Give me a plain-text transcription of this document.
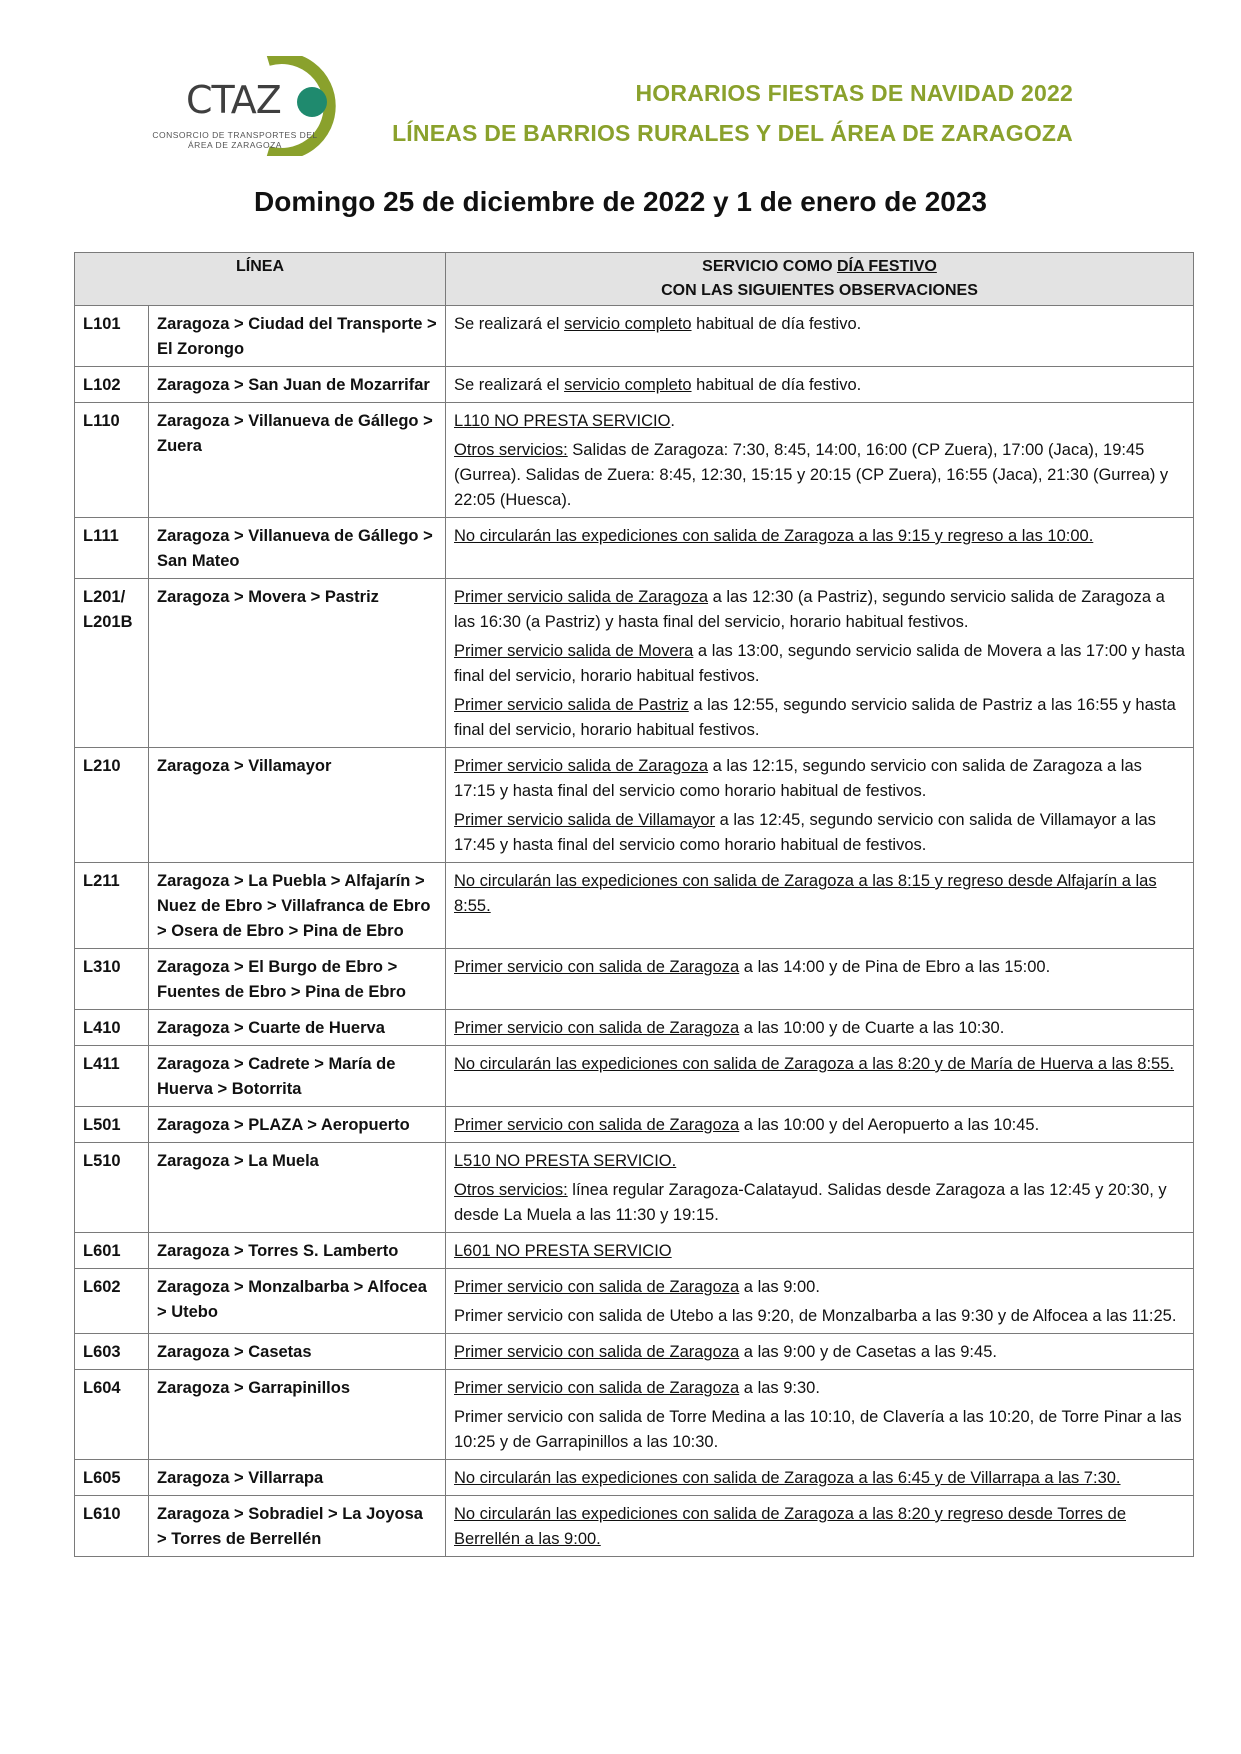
CTAZ
CONSORCIO DE TRANSPORTES DEL ÁREA DE ZARAGOZA
HORARIOS FIESTAS DE NAVIDAD 2022
LÍNEAS DE BARRIOS RURALES Y DEL ÁREA DE ZARAGOZA
Domingo 25 de diciembre de 2022 y 1 de enero de 2023
LÍNEA		SERVICIO COMO DÍA FESTIVO
CON LAS SIGUIENTES OBSERVACIONES
L101	Zaragoza > Ciudad del Transporte > El Zorongo	Se realizará el servicio completo habitual de día festivo.

L102	Zaragoza > San Juan de Mozarrifar	Se realizará el servicio completo habitual de día festivo.

L110	Zaragoza > Villanueva de Gállego > Zuera	L110 NO PRESTA SERVICIO.

Otros servicios: Salidas de Zaragoza: 7:30, 8:45, 14:00, 16:00 (CP Zuera), 17:00 (Jaca), 19:45 (Gurrea). Salidas de Zuera: 8:45, 12:30, 15:15 y 20:15 (CP Zuera), 16:55 (Jaca), 21:30 (Gurrea) y 22:05 (Huesca).

L111	Zaragoza > Villanueva de Gállego > San Mateo	No circularán las expediciones con salida de Zaragoza a las 9:15 y regreso a las 10:00.

L201/ L201B	Zaragoza > Movera > Pastriz	Primer servicio salida de Zaragoza a las 12:30 (a Pastriz), segundo servicio salida de Zaragoza a las 16:30 (a Pastriz) y hasta final del servicio, horario habitual festivos.

Primer servicio salida de Movera a las 13:00, segundo servicio salida de Movera a las 17:00 y hasta final del servicio, horario habitual festivos.

Primer servicio salida de Pastriz a las 12:55, segundo servicio salida de Pastriz a las 16:55 y hasta final del servicio, horario habitual festivos.

L210	Zaragoza > Villamayor	Primer servicio salida de Zaragoza a las 12:15, segundo servicio con salida de Zaragoza a las 17:15 y hasta final del servicio como horario habitual de festivos.

Primer servicio salida de Villamayor a las 12:45, segundo servicio con salida de Villamayor a las 17:45 y hasta final del servicio como horario habitual de festivos.

L211	Zaragoza > La Puebla > Alfajarín > Nuez de Ebro > Villafranca de Ebro > Osera de Ebro > Pina de Ebro	No circularán las expediciones con salida de Zaragoza a las 8:15 y regreso desde Alfajarín a las 8:55.

L310	Zaragoza > El Burgo de Ebro > Fuentes de Ebro > Pina de Ebro	Primer servicio con salida de Zaragoza a las 14:00 y de Pina de Ebro a las 15:00.

L410	Zaragoza > Cuarte de Huerva	Primer servicio con salida de Zaragoza a las 10:00 y de Cuarte a las 10:30.

L411	Zaragoza > Cadrete > María de Huerva > Botorrita	No circularán las expediciones con salida de Zaragoza a las 8:20 y de María de Huerva a las 8:55.

L501	Zaragoza > PLAZA > Aeropuerto	Primer servicio con salida de Zaragoza a las 10:00 y del Aeropuerto a las 10:45.

L510	Zaragoza > La Muela	L510 NO PRESTA SERVICIO.

Otros servicios: línea regular Zaragoza-Calatayud. Salidas desde Zaragoza a las 12:45 y 20:30, y desde La Muela a las 11:30 y 19:15.

L601	Zaragoza > Torres S. Lamberto	L601 NO PRESTA SERVICIO

L602	Zaragoza > Monzalbarba > Alfocea > Utebo	Primer servicio con salida de Zaragoza a las 9:00.

Primer servicio con salida de Utebo a las 9:20, de Monzalbarba a las 9:30 y de Alfocea a las 11:25.

L603	Zaragoza > Casetas	Primer servicio con salida de Zaragoza a las 9:00 y de Casetas a las 9:45.

L604	Zaragoza > Garrapinillos	Primer servicio con salida de Zaragoza a las 9:30.

Primer servicio con salida de Torre Medina a las 10:10, de Clavería a las 10:20, de Torre Pinar a las 10:25 y de Garrapinillos a las 10:30.

L605	Zaragoza > Villarrapa	No circularán las expediciones con salida de Zaragoza a las 6:45 y de Villarrapa a las 7:30.

L610	Zaragoza > Sobradiel > La Joyosa > Torres de Berrellén	No circularán las expediciones con salida de Zaragoza a las 8:20 y regreso desde Torres de Berrellén a las 9:00.
